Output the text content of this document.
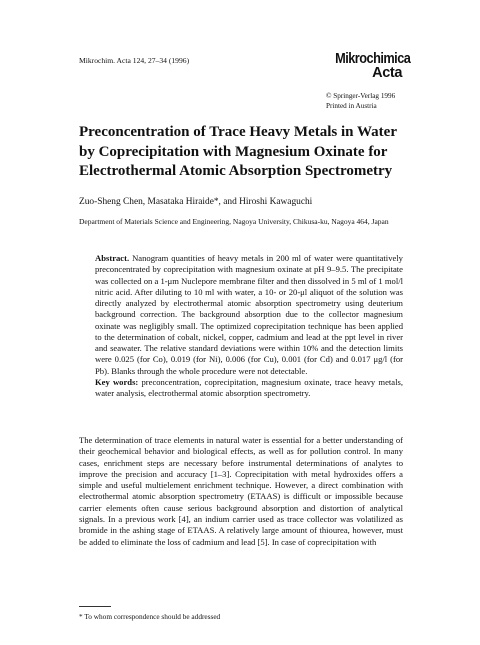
Mikrochim. Acta 124, 27–34 (1996)	Mikrochimica
Acta
© Springer-Verlag 1996
Printed in Austria
Preconcentration of Trace Heavy Metals in Water by Coprecipitation with Magnesium Oxinate for Electrothermal Atomic Absorption Spectrometry
Zuo-Sheng Chen, Masataka Hiraide*, and Hiroshi Kawaguchi
Department of Materials Science and Engineering, Nagoya University, Chikusa-ku, Nagoya 464, Japan
Abstract. Nanogram quantities of heavy metals in 200 ml of water were quantitatively preconcentrated by coprecipitation with magnesium oxinate at pH 9–9.5. The precipitate was collected on a 1-μm Nuclepore membrane filter and then dissolved in 5 ml of 1 mol/l nitric acid. After diluting to 10 ml with water, a 10- or 20-μl aliquot of the solution was directly analyzed by electrothermal atomic absorption spectrometry using deuterium background correction. The background absorption due to the collector magnesium oxinate was negligibly small. The optimized coprecipitation technique has been applied to the determination of cobalt, nickel, copper, cadmium and lead at the ppt level in river and seawater. The relative standard deviations were within 10% and the detection limits were 0.025 (for Co), 0.019 (for Ni), 0.006 (for Cu), 0.001 (for Cd) and 0.017 μg/l (for Pb). Blanks through the whole procedure were not detectable.
Key words: preconcentration, coprecipitation, magnesium oxinate, trace heavy metals, water analysis, electrothermal atomic absorption spectrometry.
The determination of trace elements in natural water is essential for a better understanding of their geochemical behavior and biological effects, as well as for pollution control. In many cases, enrichment steps are necessary before instrumental determinations of analytes to improve the precision and accuracy [1–3]. Coprecipitation with metal hydroxides offers a simple and useful multielement enrichment technique. However, a direct combination with electrothermal atomic absorption spectrometry (ETAAS) is difficult or impossible because carrier elements often cause serious background absorption and distortion of analytical signals. In a previous work [4], an indium carrier used as trace collector was volatilized as bromide in the ashing stage of ETAAS. A relatively large amount of thiourea, however, must be added to eliminate the loss of cadmium and lead [5]. In case of coprecipitation with
* To whom correspondence should be addressed
